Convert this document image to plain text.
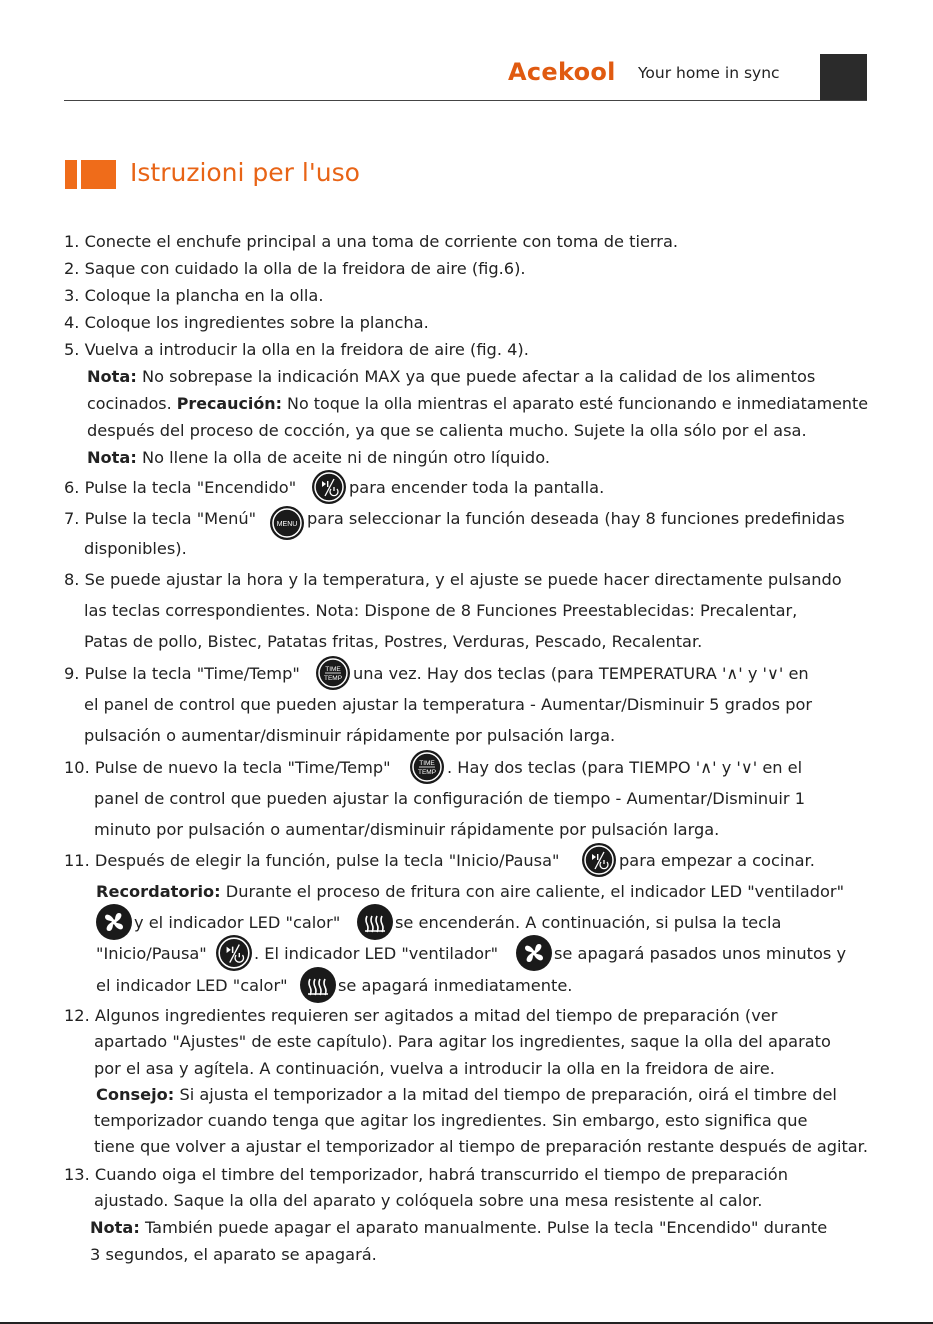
Acekool Your home in sync
Istruzioni per l'uso
1. Conecte el enchufe principal a una toma de corriente con toma de tierra.
2. Saque con cuidado la olla de la freidora de aire (fig.6).
3. Coloque la plancha en la olla.
4. Coloque los ingredientes sobre la plancha.
5. Vuelva a introducir la olla en la freidora de aire (fig. 4).
Nota: No sobrepase la indicación MAX ya que puede afectar a la calidad de los alimentos
cocinados. Precaución: No toque la olla mientras el aparato esté funcionando e inmediatamente
después del proceso de cocción, ya que se calienta mucho. Sujete la olla sólo por el asa.
Nota: No llene la olla de aceite ni de ningún otro líquido.
6. Pulse la tecla "Encendido"	para encender toda la pantalla.
7. Pulse la tecla "Menú"	MENU para seleccionar la función deseada (hay 8 funciones predefinidas
disponibles).
8. Se puede ajustar la hora y la temperatura, y el ajuste se puede hacer directamente pulsando
las teclas correspondientes. Nota: Dispone de 8 Funciones Preestablecidas: Precalentar,
Patas de pollo, Bistec, Patatas fritas, Postres, Verduras, Pescado, Recalentar.
9. Pulse la tecla "Time/Temp"	TIME
TEMP una vez. Hay dos teclas (para TEMPERATURA '∧' y '∨' en
el panel de control que pueden ajustar la temperatura - Aumentar/Disminuir 5 grados por
pulsación o aumentar/disminuir rápidamente por pulsación larga.
10. Pulse de nuevo la tecla "Time/Temp"	TIME
TEMP . Hay dos teclas (para TIEMPO '∧' y '∨' en el
panel de control que pueden ajustar la configuración de tiempo - Aumentar/Disminuir 1
minuto por pulsación o aumentar/disminuir rápidamente por pulsación larga.
11. Después de elegir la función, pulse la tecla "Inicio/Pausa"	para empezar a cocinar.
Recordatorio: Durante el proceso de fritura con aire caliente, el indicador LED "ventilador"
y el indicador LED "calor"	se encenderán. A continuación, si pulsa la tecla
"Inicio/Pausa"	. El indicador LED "ventilador"	se apagará pasados unos minutos y
el indicador LED "calor"	se apagará inmediatamente.
12. Algunos ingredientes requieren ser agitados a mitad del tiempo de preparación (ver
apartado "Ajustes" de este capítulo). Para agitar los ingredientes, saque la olla del aparato
por el asa y agítela. A continuación, vuelva a introducir la olla en la freidora de aire.
Consejo: Si ajusta el temporizador a la mitad del tiempo de preparación, oirá el timbre del
temporizador cuando tenga que agitar los ingredientes. Sin embargo, esto significa que
tiene que volver a ajustar el temporizador al tiempo de preparación restante después de agitar.
13. Cuando oiga el timbre del temporizador, habrá transcurrido el tiempo de preparación
ajustado. Saque la olla del aparato y colóquela sobre una mesa resistente al calor.
Nota: También puede apagar el aparato manualmente. Pulse la tecla "Encendido" durante
3 segundos, el aparato se apagará.
